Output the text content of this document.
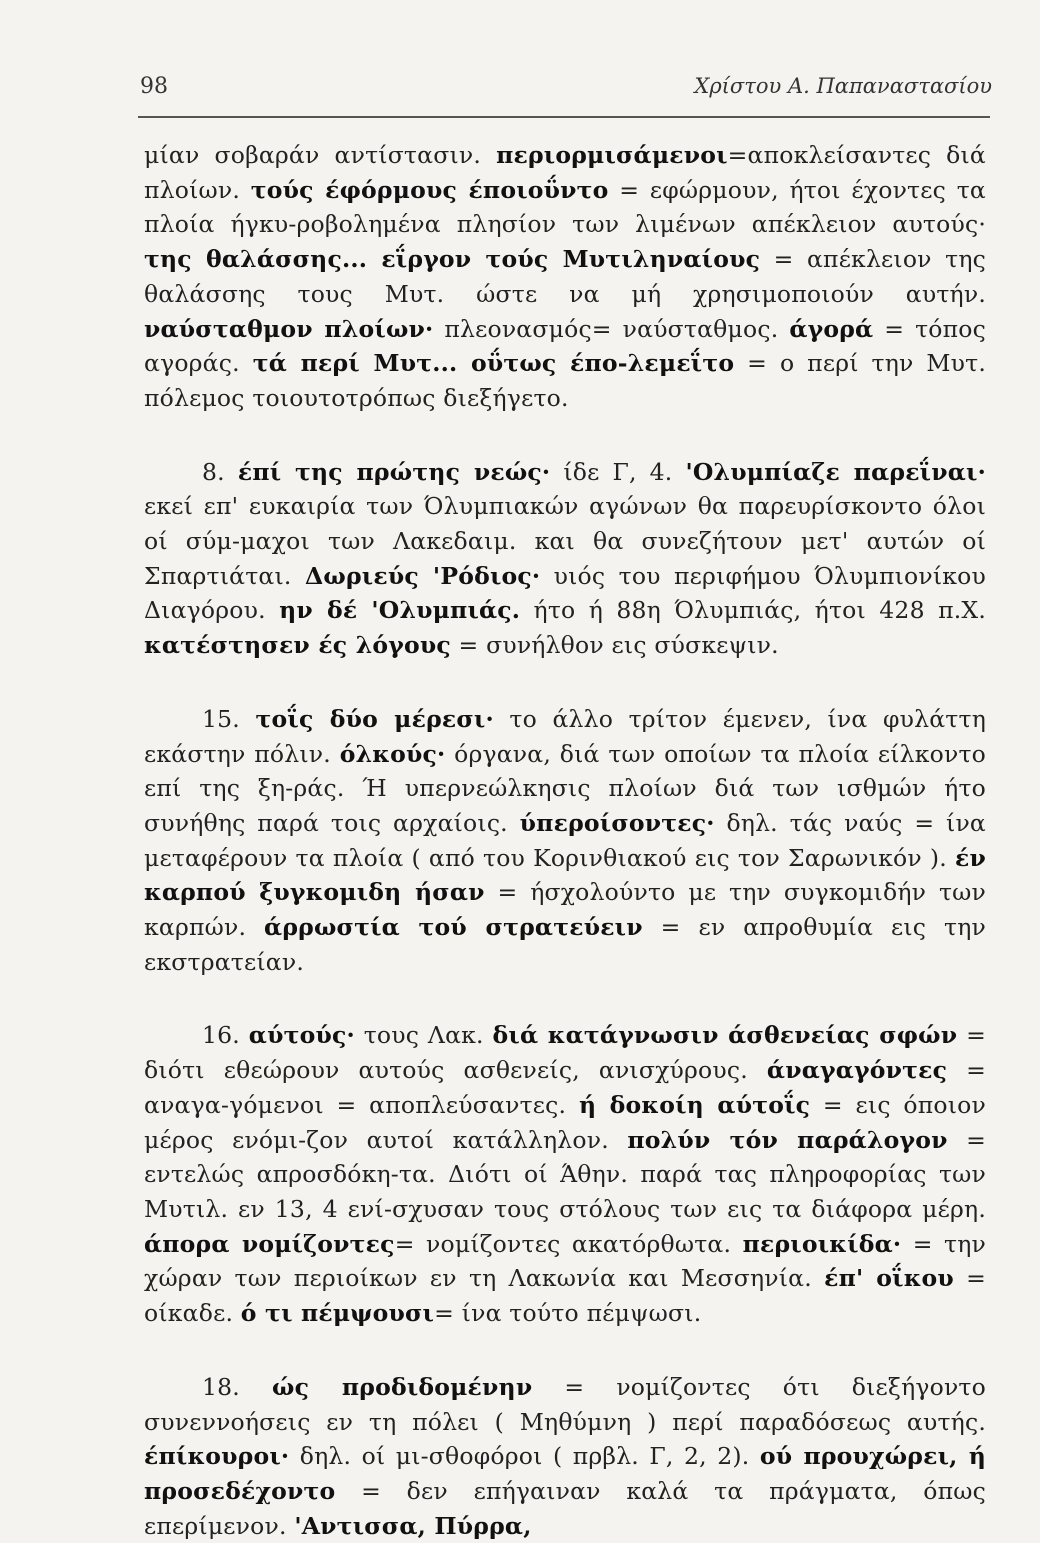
98	Χρίστου Α. Παπαναστασίου

μίαν σοβαράν αντίστασιν. περιορμισάμενοι=αποκλείσαντες διά πλοίων. τούς έφόρμους έποιοΰντο = εφώρμουν, ήτοι έχοντες τα πλοία ήγκυ-ροβολημένα πλησίον των λιμένων απέκλειον αυτούς· της θαλάσσης... εΐργον τούς Μυτιληναίους = απέκλειον της θαλάσσης τους Μυτ. ώστε να μή χρησιμοποιούν αυτήν. ναύσταθμον πλοίων· πλεονασμός= ναύσταθμος. άγορά = τόπος αγοράς. τά περί Μυτ... οΰτως έπο-λεμεΐτο = ο περί την Μυτ. πόλεμος τοιουτοτρόπως διεξήγετο.

8. έπί της πρώτης νεώς· ίδε Γ, 4. 'Ολυμπίαζε παρεΐναι· εκεί επ' ευκαιρία των Όλυμπιακών αγώνων θα παρευρίσκοντο όλοι οί σύμ-μαχοι των Λακεδαιμ. και θα συνεζήτουν μετ' αυτών οί Σπαρτιάται. Δωριεύς 'Ρόδιος· υιός του περιφήμου Όλυμπιονίκου Διαγόρου. ην δέ 'Ολυμπιάς. ήτο ή 88η Όλυμπιάς, ήτοι 428 π.Χ. κατέστησεν ές λόγους = συνήλθον εις σύσκεψιν.

15. τοΐς δύο μέρεσι· το άλλο τρίτον έμενεν, ίνα φυλάττη εκάστην πόλιν. όλκούς· όργανα, διά των οποίων τα πλοία είλκοντο επί της ξη-ράς. Ή υπερνεώλκησις πλοίων διά των ισθμών ήτο συνήθης παρά τοις αρχαίοις. ύπεροίσοντες· δηλ. τάς ναύς = ίνα μεταφέρουν τα πλοία ( από του Κορινθιακού εις τον Σαρωνικόν ). έν καρπού ξυγκομιδη ήσαν = ήσχολούντο με την συγκομιδήν των καρπών. άρρωστία τού στρατεύειν = εν απροθυμία εις την εκστρατείαν.

16. αύτούς· τους Λακ. διά κατάγνωσιν άσθενείας σφών = διότι εθεώρουν αυτούς ασθενείς, ανισχύρους. άναγαγόντες = αναγα-γόμενοι = αποπλεύσαντες. ή δοκοίη αύτοΐς = εις όποιον μέρος ενόμι-ζον αυτοί κατάλληλον. πολύν τόν παράλογον = εντελώς απροσδόκη-τα. Διότι οί Άθην. παρά τας πληροφορίας των Μυτιλ. εν 13, 4 ενί-σχυσαν τους στόλους των εις τα διάφορα μέρη. άπορα νομίζοντες= νομίζοντες ακατόρθωτα. περιοικίδα· = την χώραν των περιοίκων εν τη Λακωνία και Μεσσηνία. έπ' οΐκου = οίκαδε. ό τι πέμψουσι= ίνα τούτο πέμψωσι.

18. ώς προδιδομένην = νομίζοντες ότι διεξήγοντο συνεννοήσεις εν τη πόλει ( Μηθύμνη ) περί παραδόσεως αυτής. έπίκουροι· δηλ. οί μι-σθοφόροι ( πρβλ. Γ, 2, 2). ού προυχώρει, ή προσεδέχοντο = δεν επήγαιναν καλά τα πράγματα, όπως επερίμενον. 'Αντισσα, Πύρρα,
